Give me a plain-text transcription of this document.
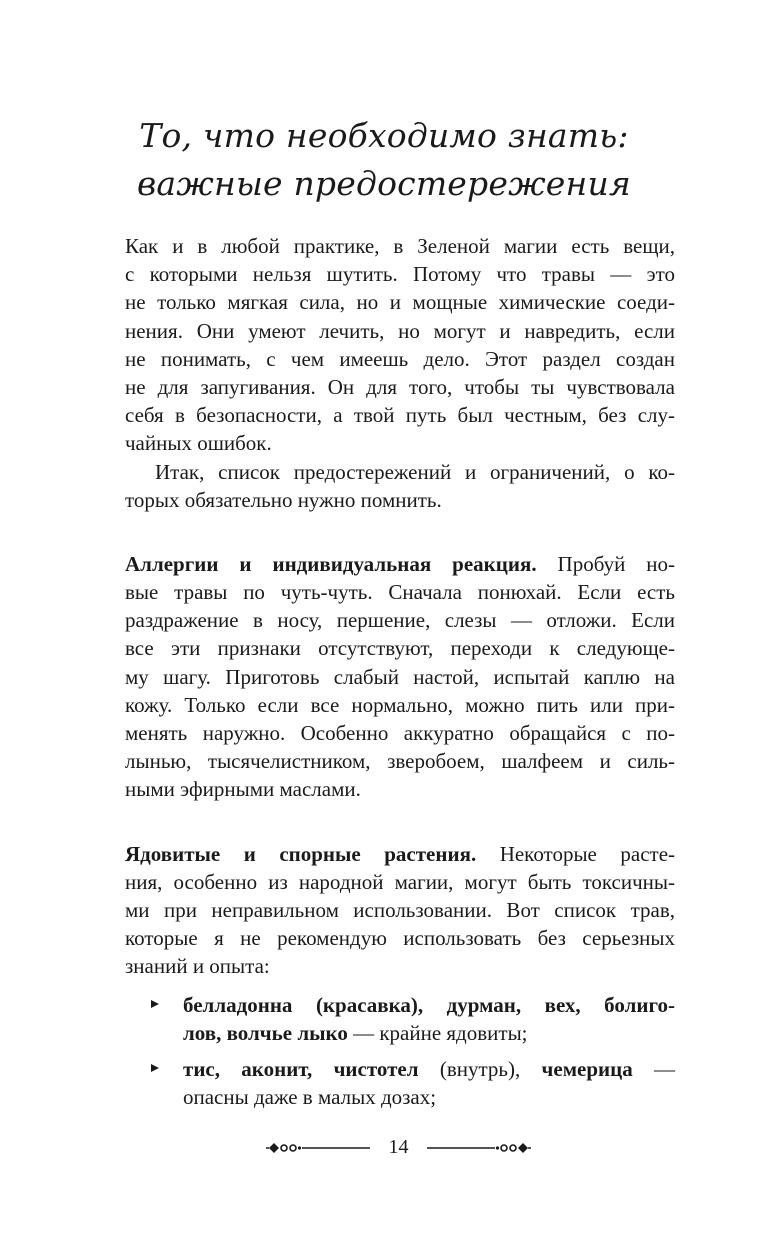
То, что необходимо знать:
важные предостережения
Как и в любой практике, в Зеленой магии есть вещи,
с которыми нельзя шутить. Потому что травы — это
не только мягкая сила, но и мощные химические соеди-
нения. Они умеют лечить, но могут и навредить, если
не понимать, с чем имеешь дело. Этот раздел создан
не для запугивания. Он для того, чтобы ты чувствовала
себя в безопасности, а твой путь был честным, без слу-
чайных ошибок.
Итак, список предостережений и ограничений, о ко-
торых обязательно нужно помнить.
Аллергии и индивидуальная реакция. Пробуй но-
вые травы по чуть-чуть. Сначала понюхай. Если есть
раздражение в носу, першение, слезы — отложи. Если
все эти признаки отсутствуют, переходи к следующе-
му шагу. Приготовь слабый настой, испытай каплю на
кожу. Только если все нормально, можно пить или при-
менять наружно. Особенно аккуратно обращайся с по-
лынью, тысячелистником, зверобоем, шалфеем и силь-
ными эфирными маслами.
Ядовитые и спорные растения. Некоторые расте-
ния, особенно из народной магии, могут быть токсичны-
ми при неправильном использовании. Вот список трав,
которые я не рекомендую использовать без серьезных
знаний и опыта:
белладонна (красавка), дурман, вех, болиго-
лов, волчье лыко — крайне ядовиты;
тис, аконит, чистотел (внутрь), чемерица —
опасны даже в малых дозах;
14
